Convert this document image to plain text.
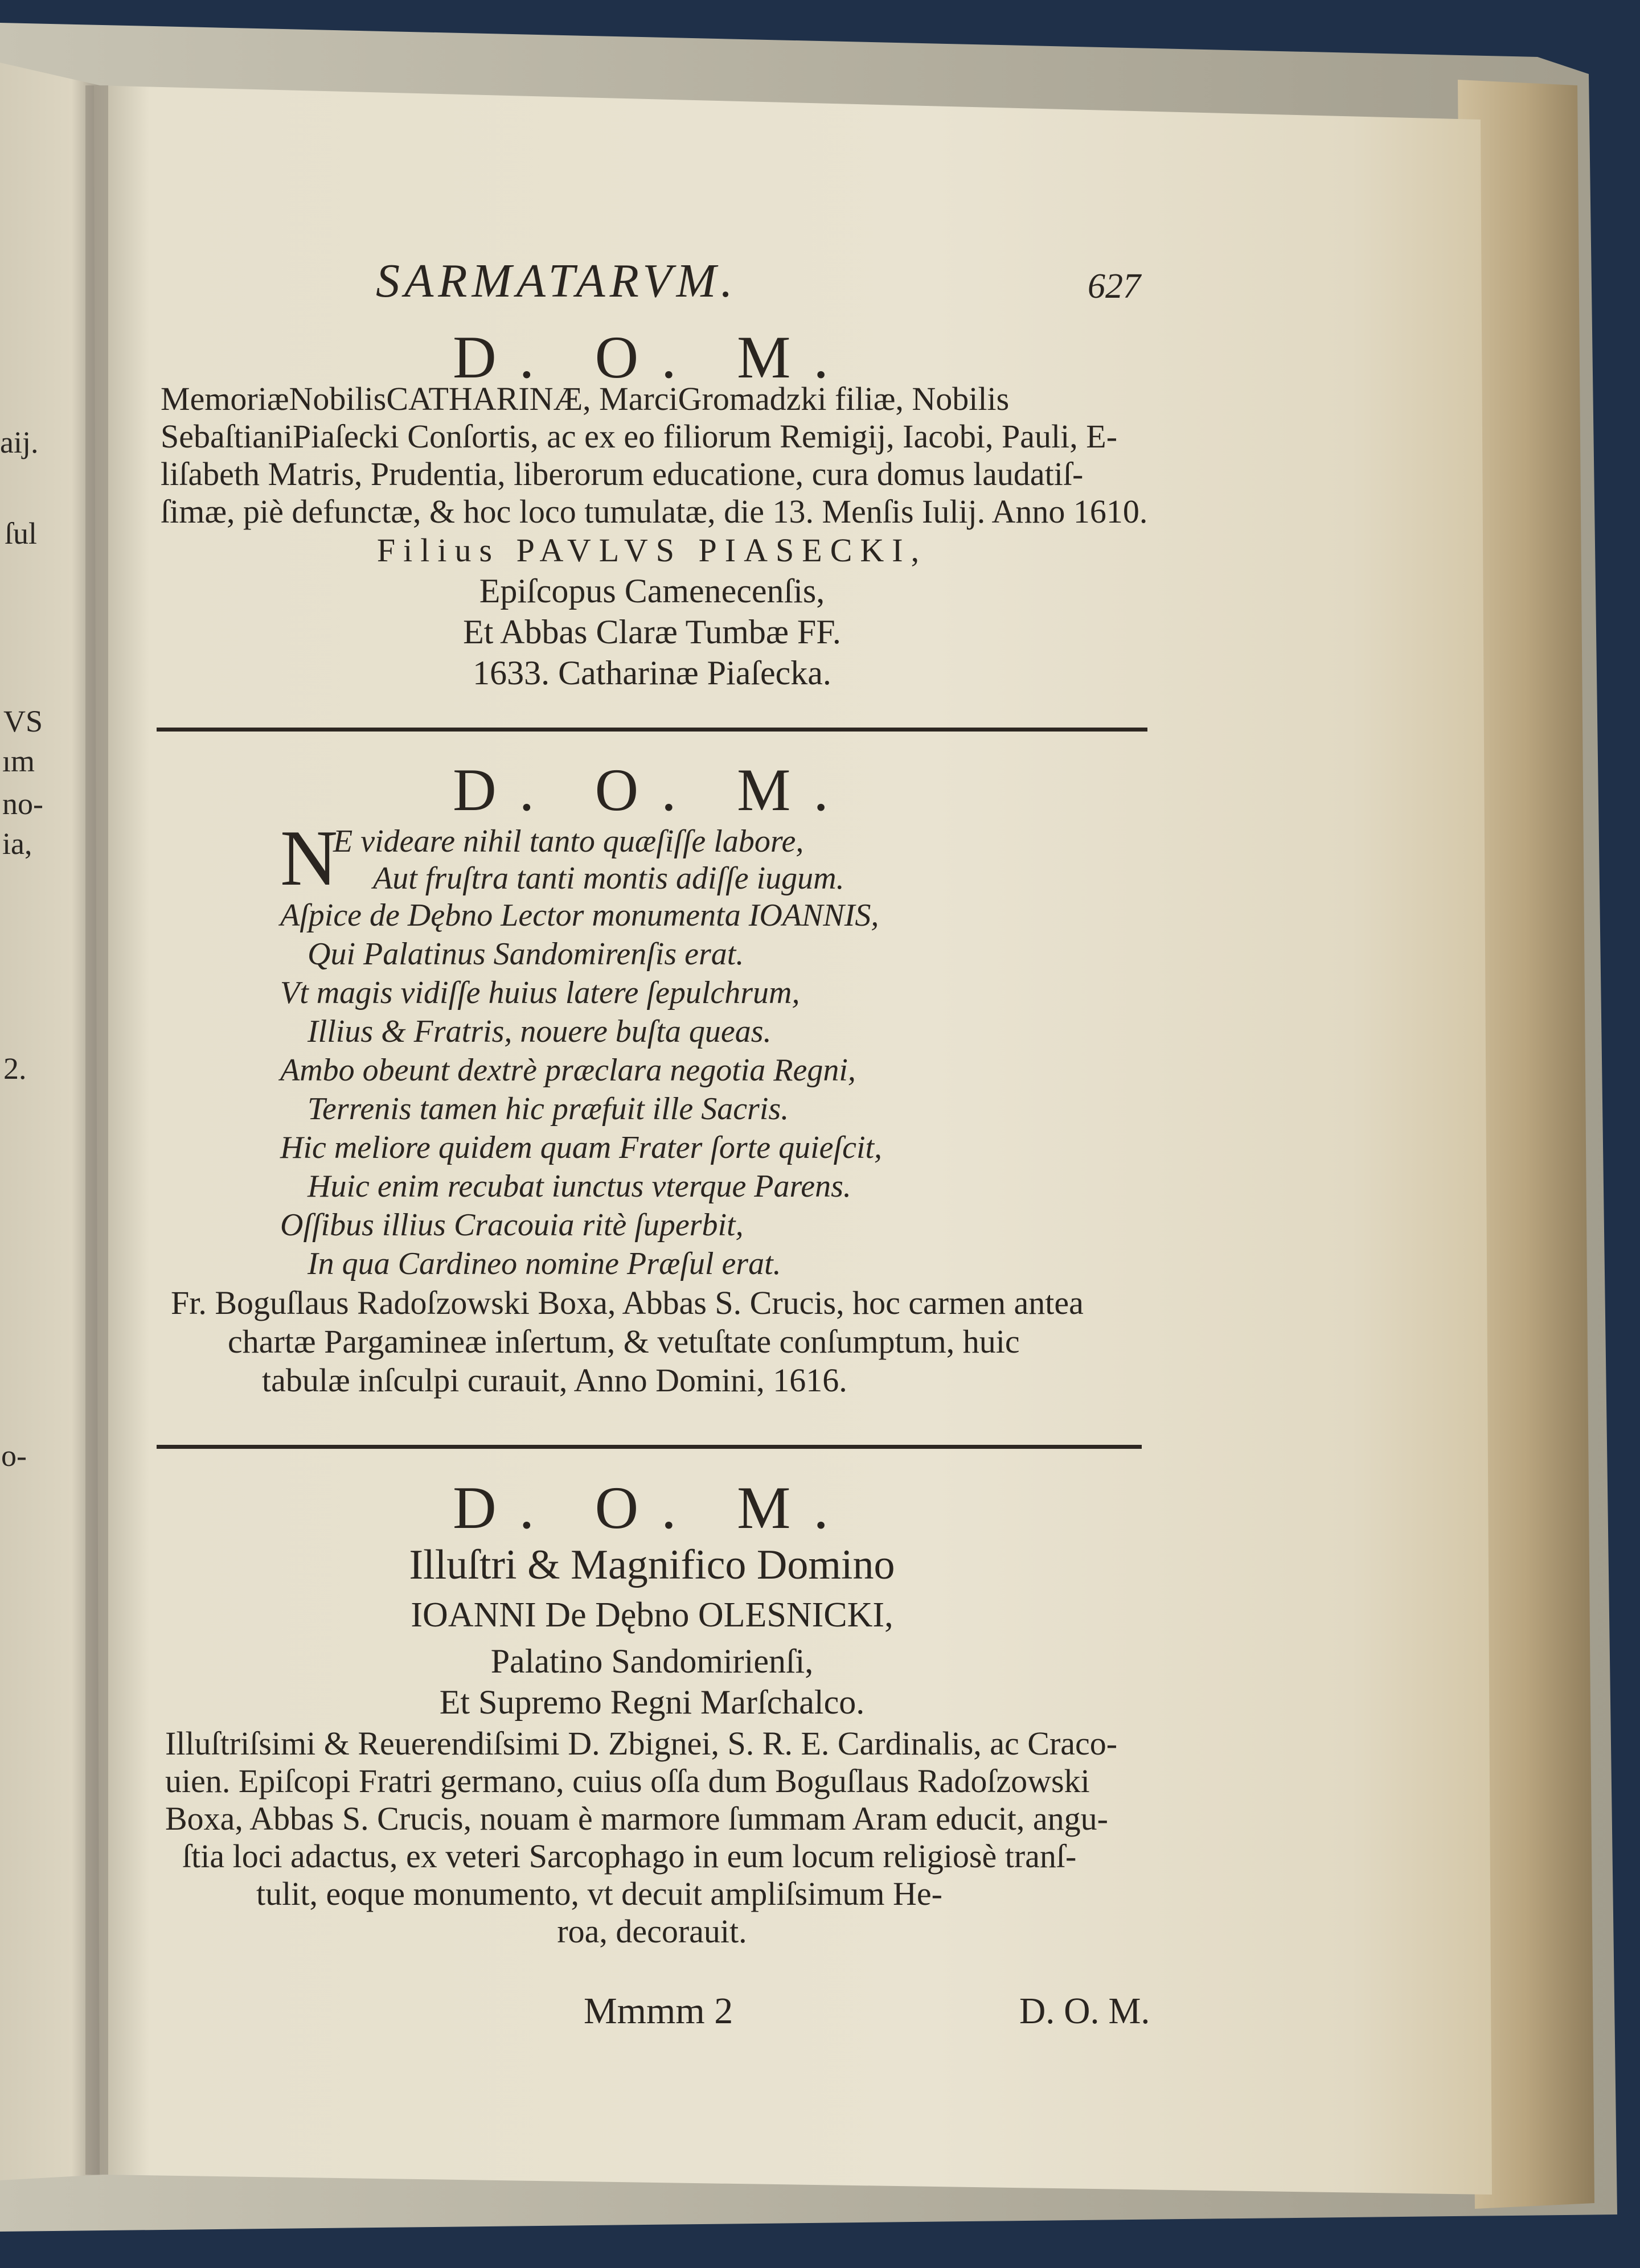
SARMATARVM.	627
aij.
ſul
VS
ım
no-
ia,
2.
o-
D. O. M.
MemoriæNobilisCATHARINÆ, MarciGromadzki filiæ, Nobilis
SebaſtianiPiaſecki Conſortis, ac ex eo filiorum Remigij, Iacobi, Pauli, E-
liſabeth Matris, Prudentia, liberorum educatione, cura domus laudatiſ-
ſimæ, piè defunctæ, & hoc loco tumulatæ, die 13. Menſis Iulij. Anno 1610.
Filius PAVLVS PIASECKI,
Epiſcopus Camenecenſis,
Et Abbas Claræ Tumbæ FF.
1633. Catharinæ Piaſecka.
D. O. M.
N
E videare nihil tanto quæſiſſe labore,
Aut fruſtra tanti montis adiſſe iugum.
Aſpice de Dębno Lector monumenta IOANNIS,
Qui Palatinus Sandomirenſis erat.
Vt magis vidiſſe huius latere ſepulchrum,
Illius & Fratris, nouere buſta queas.
Ambo obeunt dextrè præclara negotia Regni,
Terrenis tamen hic præfuit ille Sacris.
Hic meliore quidem quam Frater ſorte quieſcit,
Huic enim recubat iunctus vterque Parens.
Oſſibus illius Cracouia ritè ſuperbit,
In qua Cardineo nomine Præſul erat.
Fr. Boguſlaus Radoſzowski Boxa, Abbas S. Crucis, hoc carmen antea
chartæ Pargamineæ inſertum, & vetuſtate conſumptum, huic
tabulæ inſculpi curauit, Anno Domini, 1616.
D. O. M.
Illuſtri & Magnifico Domino
IOANNI De Dębno OLESNICKI,
Palatino Sandomirienſi,
Et Supremo Regni Marſchalco.
Illuſtriſsimi & Reuerendiſsimi D. Zbignei, S. R. E. Cardinalis, ac Craco-
uien. Epiſcopi Fratri germano, cuius oſſa dum Boguſlaus Radoſzowski
Boxa, Abbas S. Crucis, nouam è marmore ſummam Aram educit, angu-
ſtia loci adactus, ex veteri Sarcophago in eum locum religiosè tranſ-
tulit, eoque monumento, vt decuit ampliſsimum He-
roa, decorauit.
Mmmm 2	D. O. M.
